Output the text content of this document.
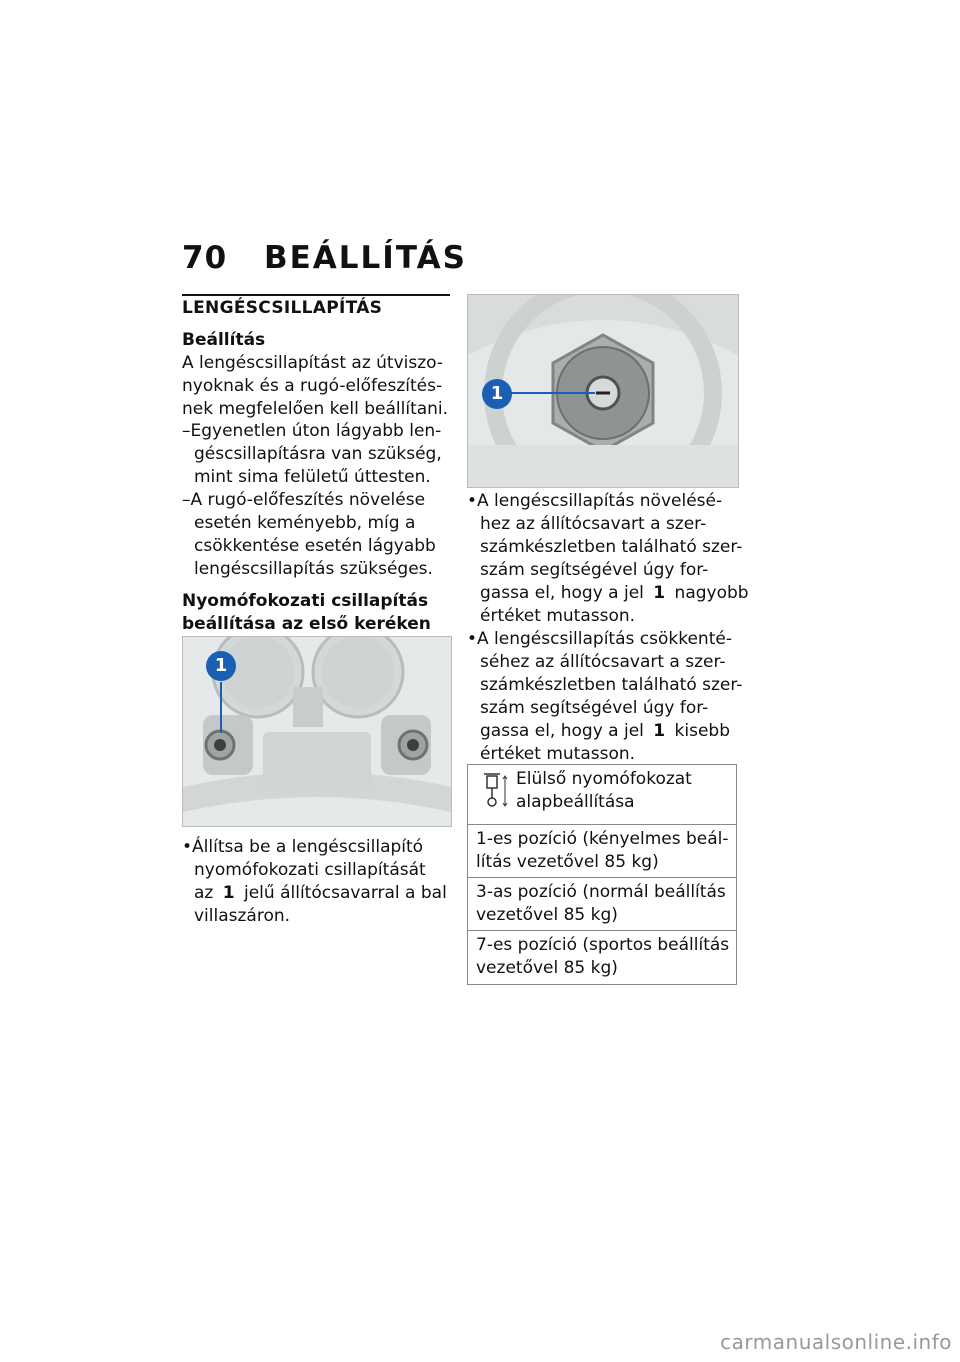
70 BEÁLLÍTÁS
LENGÉSCSILLAPÍTÁS
Beállítás
A lengéscsillapítást az útviszo-
nyoknak és a rugó-előfeszítés-
nek megfelelően kell beállítani.
–Egyenetlen úton lágyabb len-
géscsillapításra van szükség,
mint sima felületű úttesten.
–A rugó-előfeszítés növelése
esetén keményebb, míg a
csökkentése esetén lágyabb
lengéscsillapítás szükséges.
Nyomófokozati csillapítás
beállítása az első keréken
1
•Állítsa be a lengéscsillapító
nyomófokozati csillapítását
az 1 jelű állítócsavarral a bal
villaszáron.
1
•A lengéscsillapítás növelésé-
hez az állítócsavart a szer-
számkészletben található szer-
szám segítségével úgy for-
gassa el, hogy a jel 1 nagyobb
értéket mutasson.
•A lengéscsillapítás csökkenté-
séhez az állítócsavart a szer-
számkészletben található szer-
szám segítségével úgy for-
gassa el, hogy a jel 1 kisebb
értéket mutasson.
Elülső nyomófokozat
alapbeállítása

1-es pozíció (kényelmes beál-
lítás vezetővel 85 kg)

3-as pozíció (normál beállítás
vezetővel 85 kg)

7-es pozíció (sportos beállítás
vezetővel 85 kg)
carmanualsonline.info
